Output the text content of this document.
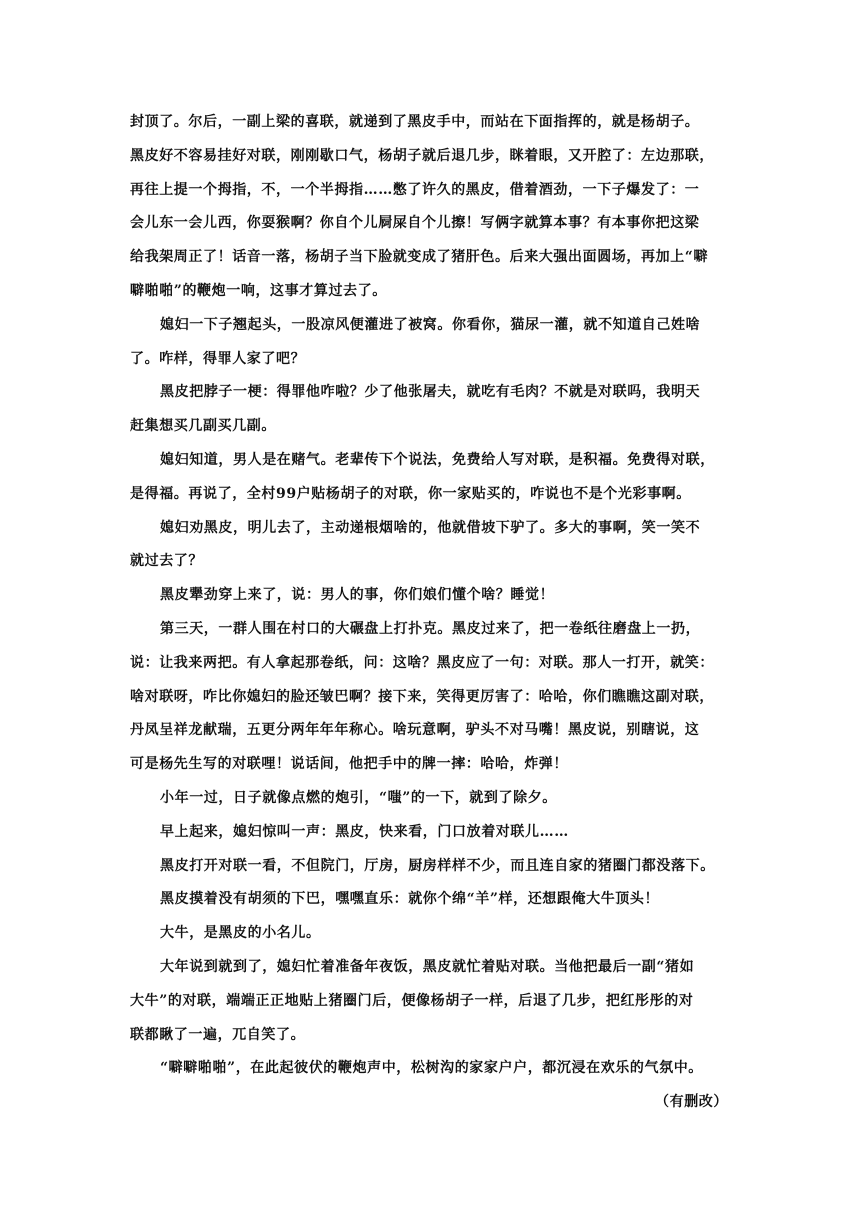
封顶了。尔后，一副上梁的喜联，就递到了黑皮手中，而站在下面指挥的，就是杨胡子。
黑皮好不容易挂好对联，刚刚歇口气，杨胡子就后退几步，眯着眼，又开腔了：左边那联，
再往上提一个拇指，不，一个半拇指……憋了许久的黑皮，借着酒劲，一下子爆发了：一
会儿东一会儿西，你耍猴啊？你自个儿屙屎自个儿擦！写俩字就算本事？有本事你把这梁
给我架周正了！话音一落，杨胡子当下脸就变成了猪肝色。后来大强出面圆场，再加上“噼
噼啪啪”的鞭炮一响，这事才算过去了。
媳妇一下子翘起头，一股凉风便灌进了被窝。你看你，猫尿一灌，就不知道自己姓啥
了。咋样，得罪人家了吧？
黑皮把脖子一梗：得罪他咋啦？少了他张屠夫，就吃有毛肉？不就是对联吗，我明天
赶集想买几副买几副。
媳妇知道，男人是在赌气。老辈传下个说法，免费给人写对联，是积福。免费得对联，
是得福。再说了，全村99户贴杨胡子的对联，你一家贴买的，咋说也不是个光彩事啊。
媳妇劝黑皮，明儿去了，主动递根烟啥的，他就借坡下驴了。多大的事啊，笑一笑不
就过去了？
黑皮犟劲穿上来了，说：男人的事，你们娘们懂个啥？睡觉！
第三天，一群人围在村口的大碾盘上打扑克。黑皮过来了，把一卷纸往磨盘上一扔，
说：让我来两把。有人拿起那卷纸，问：这啥？黑皮应了一句：对联。那人一打开，就笑：
啥对联呀，咋比你媳妇的脸还皱巴啊？接下来，笑得更厉害了：哈哈，你们瞧瞧这副对联，
丹凤呈祥龙献瑞，五更分两年年年称心。啥玩意啊，驴头不对马嘴！黑皮说，别瞎说，这
可是杨先生写的对联哩！说话间，他把手中的牌一摔：哈哈，炸弹！
小年一过，日子就像点燃的炮引，“嗤”的一下，就到了除夕。
早上起来，媳妇惊叫一声：黑皮，快来看，门口放着对联儿……
黑皮打开对联一看，不但院门，厅房，厨房样样不少，而且连自家的猪圈门都没落下。
黑皮摸着没有胡须的下巴，嘿嘿直乐：就你个绵“羊”样，还想跟俺大牛顶头！
大牛，是黑皮的小名儿。
大年说到就到了，媳妇忙着准备年夜饭，黑皮就忙着贴对联。当他把最后一副“猪如
大牛”的对联，端端正正地贴上猪圈门后，便像杨胡子一样，后退了几步，把红彤彤的对
联都瞅了一遍，兀自笑了。
“噼噼啪啪”，在此起彼伏的鞭炮声中，松树沟的家家户户，都沉浸在欢乐的气氛中。
（有删改）
